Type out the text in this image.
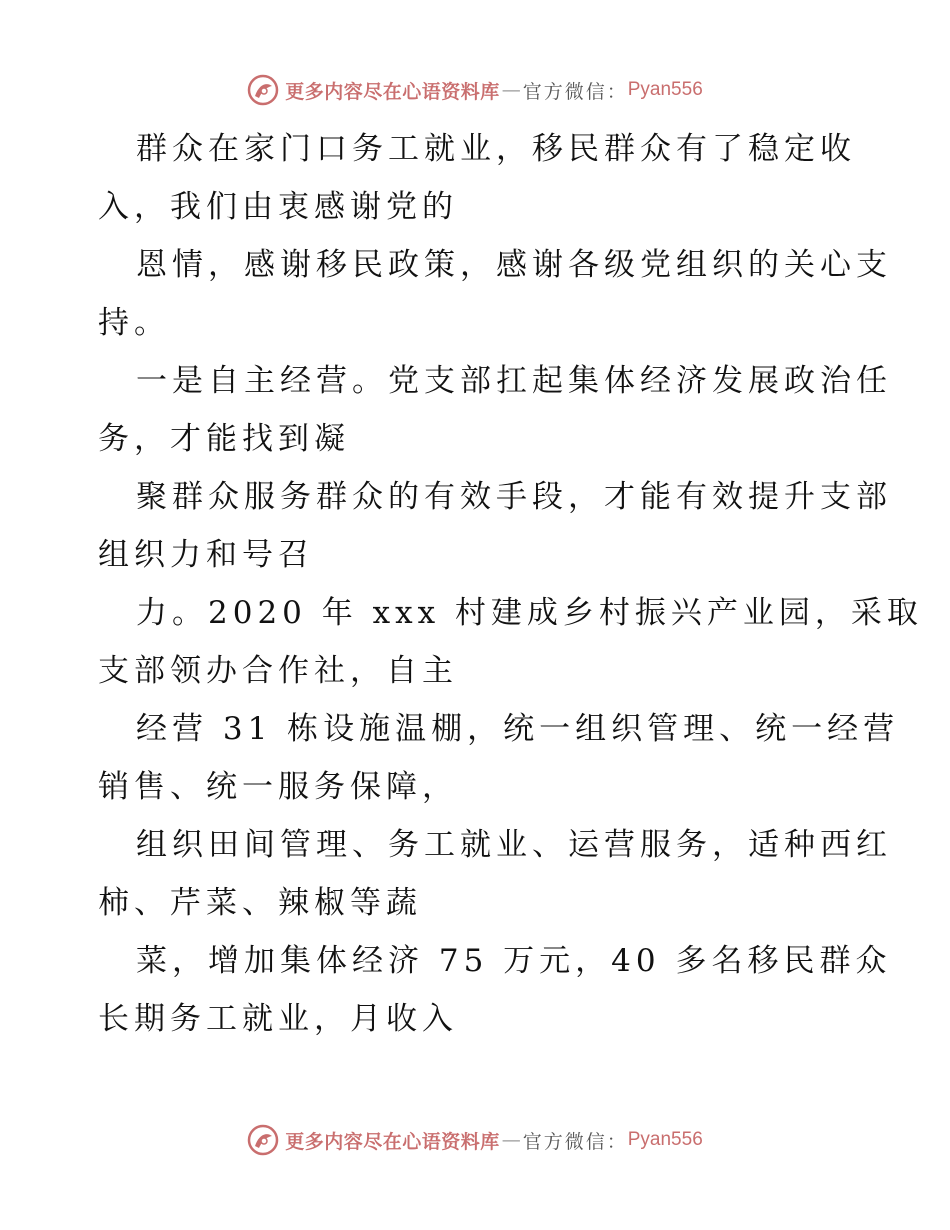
更多内容尽在心语资料库 — 官方微信： Pyan556
群众在家门口务工就业，移民群众有了稳定收
入，我们由衷感谢党的
恩情，感谢移民政策，感谢各级党组织的关心支
持。
一是自主经营。党支部扛起集体经济发展政治任
务，才能找到凝
聚群众服务群众的有效手段，才能有效提升支部
组织力和号召
力。2020 年 xxx 村建成乡村振兴产业园，采取
支部领办合作社，自主
经营 31 栋设施温棚，统一组织管理、统一经营
销售、统一服务保障，
组织田间管理、务工就业、运营服务，适种西红
柿、芹菜、辣椒等蔬
菜，增加集体经济 75 万元，40 多名移民群众
长期务工就业，月收入
更多内容尽在心语资料库 — 官方微信： Pyan556
